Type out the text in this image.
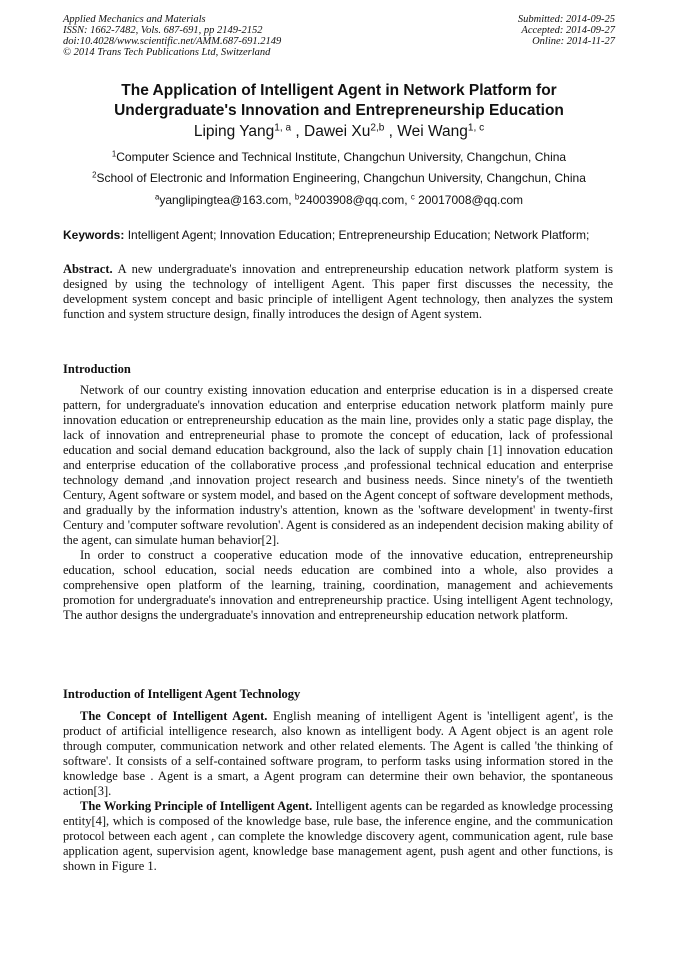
Applied Mechanics and Materials
ISSN: 1662-7482, Vols. 687-691, pp 2149-2152
doi:10.4028/www.scientific.net/AMM.687-691.2149
© 2014 Trans Tech Publications Ltd, Switzerland
Submitted: 2014-09-25
Accepted: 2014-09-27
Online: 2014-11-27
The Application of Intelligent Agent in Network Platform for
Undergraduate's Innovation and Entrepreneurship Education
Liping Yang$^{1, a}$ , Dawei Xu$^{2,b}$ , Wei Wang$^{1, c}$
$^1$Computer Science and Technical Institute, Changchun University, Changchun, China
$^2$School of Electronic and Information Engineering, Changchun University, Changchun, China
$^a$yanglipingtea@163.com, $^b$24003908@qq.com, $^c$ 20017008@qq.com
Keywords: Intelligent Agent; Innovation Education; Entrepreneurship Education; Network Platform;

Abstract. A new undergraduate's innovation and entrepreneurship education network platform system is designed by using the technology of intelligent Agent. This paper first discusses the necessity, the development system concept and basic principle of intelligent Agent technology, then analyzes the system function and system structure design, finally introduces the design of Agent system.

Introduction

Network of our country existing innovation education and enterprise education is in a dispersed create pattern, for undergraduate's innovation education and enterprise education network platform mainly pure innovation education or entrepreneurship education as the main line, provides only a static page display, the lack of innovation and entrepreneurial phase to promote the concept of education, lack of professional education and social demand education background, also the lack of supply chain [1] innovation education and enterprise education of the collaborative process ,and professional technical education and enterprise technology demand ,and innovation project research and business needs. Since ninety's of the twentieth Century, Agent software or system model, and based on the Agent concept of software development methods, and gradually by the information industry's attention, known as the 'software development' in twenty-first Century and 'computer software revolution'. Agent is considered as an independent decision making ability of the agent, can simulate human behavior[2].

In order to construct a cooperative education mode of the innovative education, entrepreneurship education, school education, social needs education are combined into a whole, also provides a comprehensive open platform of the learning, training, coordination, management and achievements promotion for undergraduate's innovation and entrepreneurship practice. Using intelligent Agent technology, The author designs the undergraduate's innovation and entrepreneurship education network platform.

Introduction of Intelligent Agent Technology

The Concept of Intelligent Agent. English meaning of intelligent Agent is 'intelligent agent', is the product of artificial intelligence research, also known as intelligent body. A Agent object is an agent role through computer, communication network and other related elements. The Agent is called 'the thinking of software'. It consists of a self-contained software program, to perform tasks using information stored in the knowledge base . Agent is a smart, a Agent program can determine their own behavior, the spontaneous action[3].

The Working Principle of Intelligent Agent. Intelligent agents can be regarded as knowledge processing entity[4], which is composed of the knowledge base, rule base, the inference engine, and the communication protocol between each agent , can complete the knowledge discovery agent, communication agent, rule base application agent, supervision agent, knowledge base management agent, push agent and other functions, is shown in Figure 1.
